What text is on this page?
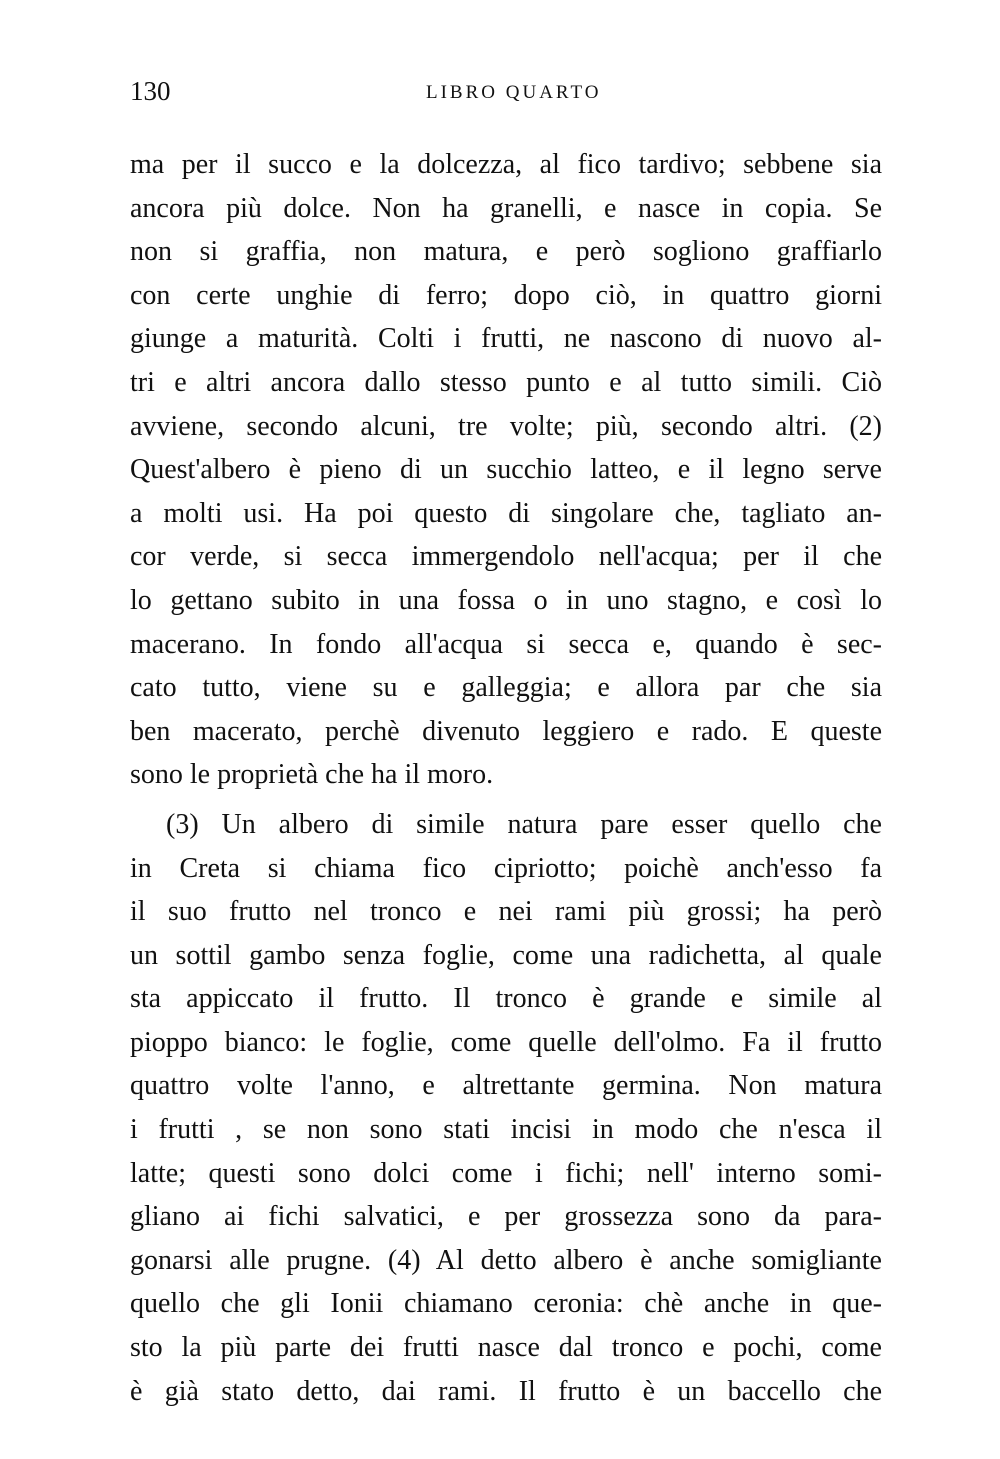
130	LIBRO QUARTO
ma per il succo e la dolcezza, al fico tardivo; sebbene sia
ancora più dolce. Non ha granelli, e nasce in copia. Se
non si graffia, non matura, e però sogliono graffiarlo
con certe unghie di ferro; dopo ciò, in quattro giorni
giunge a maturità. Colti i frutti, ne nascono di nuovo al-
tri e altri ancora dallo stesso punto e al tutto simili. Ciò
avviene, secondo alcuni, tre volte; più, secondo altri. (2)
Quest'albero è pieno di un succhio latteo, e il legno serve
a molti usi. Ha poi questo di singolare che, tagliato an-
cor verde, si secca immergendolo nell'acqua; per il che
lo gettano subito in una fossa o in uno stagno, e così lo
macerano. In fondo all'acqua si secca e, quando è sec-
cato tutto, viene su e galleggia; e allora par che sia
ben macerato, perchè divenuto leggiero e rado. E queste
sono le proprietà che ha il moro.
(3) Un albero di simile natura pare esser quello che
in Creta si chiama fico cipriotto; poichè anch'esso fa
il suo frutto nel tronco e nei rami più grossi; ha però
un sottil gambo senza foglie, come una radichetta, al quale
sta appiccato il frutto. Il tronco è grande e simile al
pioppo bianco: le foglie, come quelle dell'olmo. Fa il frutto
quattro volte l'anno, e altrettante germina. Non matura
i frutti , se non sono stati incisi in modo che n'esca il
latte; questi sono dolci come i fichi; nell' interno somi-
gliano ai fichi salvatici, e per grossezza sono da para-
gonarsi alle prugne. (4) Al detto albero è anche somigliante
quello che gli Ionii chiamano ceronia: chè anche in que-
sto la più parte dei frutti nasce dal tronco e pochi, come
è già stato detto, dai rami. Il frutto è un baccello che
